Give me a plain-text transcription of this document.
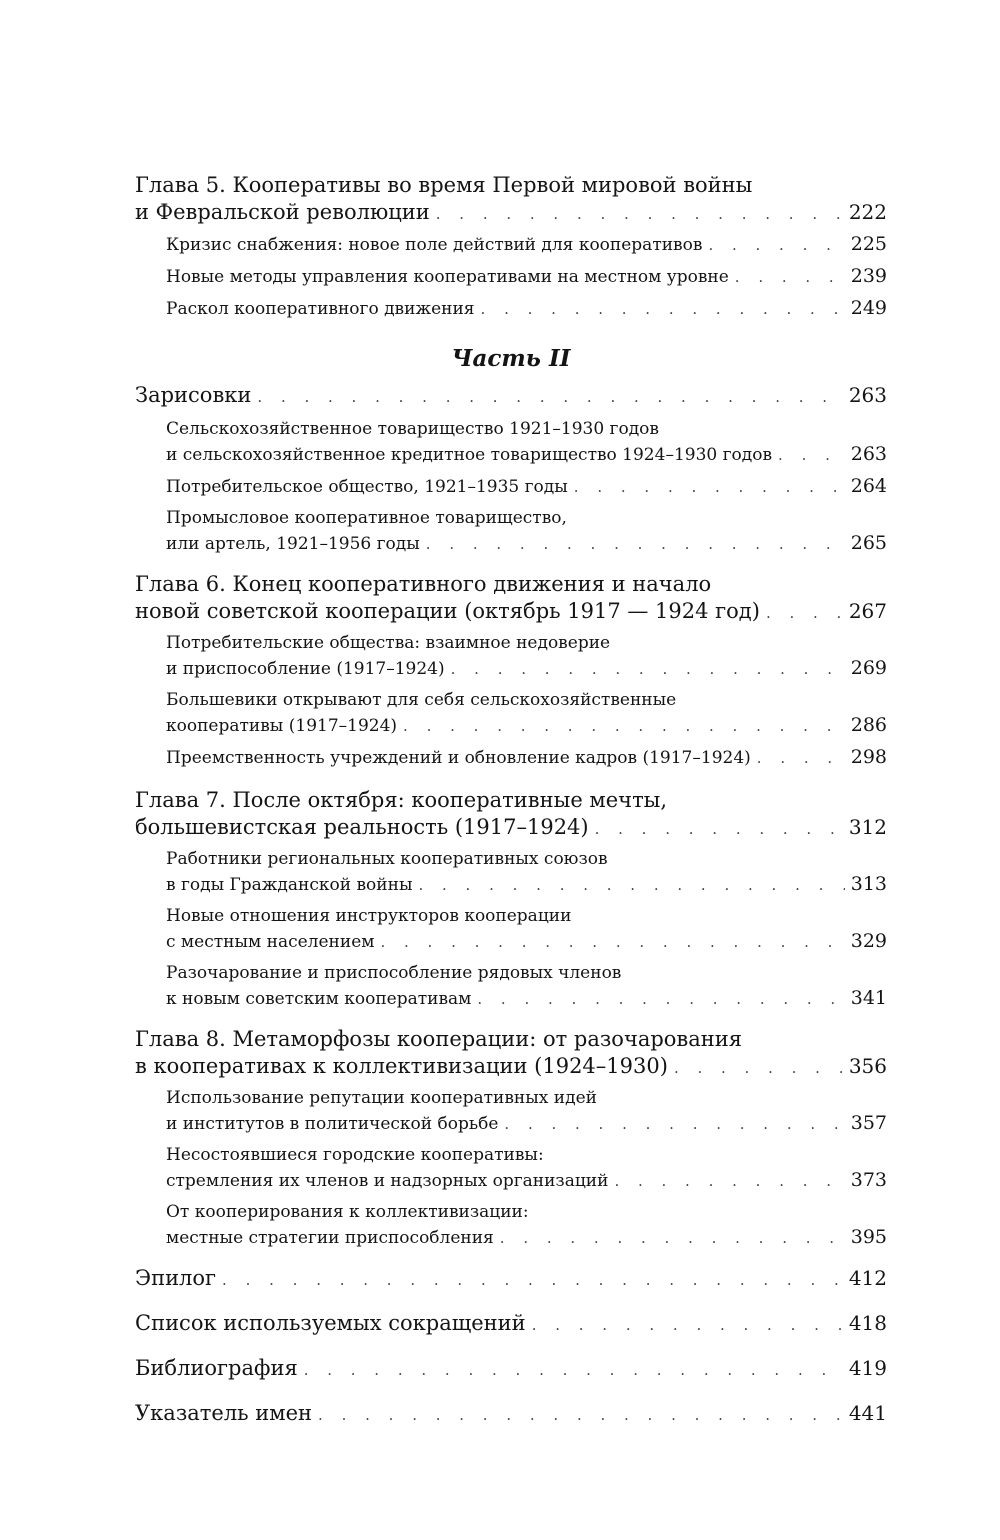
Глава 5. Кооперативы во время Первой мировой войны
и Февральской революции . . .	222
Кризис снабжения: новое поле действий для кооперативов . . .	225
Новые методы управления кооперативами на местном уровне . . .	239
Раскол кооперативного движения . . .	249
Часть II
Зарисовки . . .	263
Сельскохозяйственное товарищество 1921–1930 годов
и сельскохозяйственное кредитное товарищество 1924–1930 годов . . .	263
Потребительское общество, 1921–1935 годы . . .	264
Промысловое кооперативное товарищество,
или артель, 1921–1956 годы . . .	265
Глава 6. Конец кооперативного движения и начало
новой советской кооперации (октябрь 1917 — 1924 год) . . .	267
Потребительские общества: взаимное недоверие
и приспособление (1917–1924) . . .	269
Большевики открывают для себя сельскохозяйственные
кооперативы (1917–1924) . . .	286
Преемственность учреждений и обновление кадров (1917–1924) . . .	298
Глава 7. После октября: кооперативные мечты,
большевистская реальность (1917–1924) . . .	312
Работники региональных кооперативных союзов
в годы Гражданской войны . . .	313
Новые отношения инструкторов кооперации
с местным населением . . .	329
Разочарование и приспособление рядовых членов
к новым советским кооперативам . . .	341
Глава 8. Метаморфозы кооперации: от разочарования
в кооперативах к коллективизации (1924–1930) . . .	356
Использование репутации кооперативных идей
и институтов в политической борьбе . . .	357
Несостоявшиеся городские кооперативы:
стремления их членов и надзорных организаций . . .	373
От кооперирования к коллективизации:
местные стратегии приспособления . . .	395
Эпилог . . .	412
Список используемых сокращений . . .	418
Библиография . . .	419
Указатель имен . . .	441
